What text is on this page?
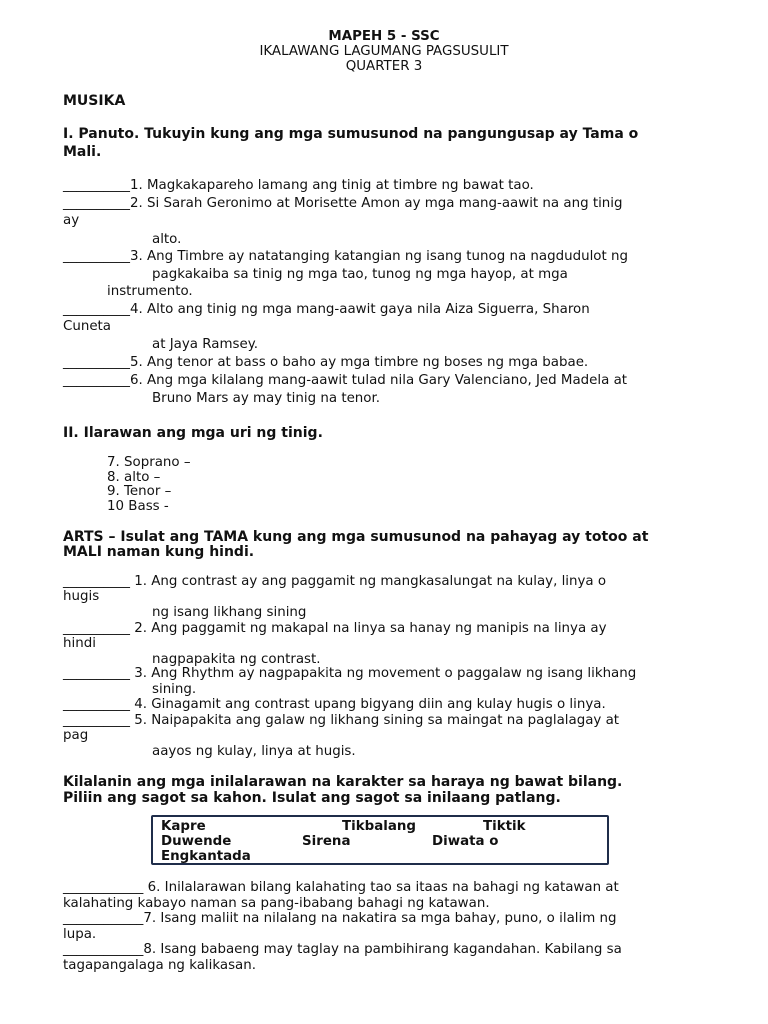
MAPEH 5 - SSC
IKALAWANG LAGUMANG PAGSUSULIT
QUARTER 3
MUSIKA
I. Panuto. Tukuyin kung ang mga sumusunod na pangungusap ay Tama o
Mali.
__________1. Magkakapareho lamang ang tinig at timbre ng bawat tao.
__________2. Si Sarah Geronimo at Morisette Amon ay mga mang-aawit na ang tinig
ay
alto.
__________3. Ang Timbre ay natatanging katangian ng isang tunog na nagdudulot ng
pagkakaiba sa tinig ng mga tao, tunog ng mga hayop, at mga
instrumento.
__________4. Alto ang tinig ng mga mang-aawit gaya nila Aiza Siguerra, Sharon
Cuneta
at Jaya Ramsey.
__________5. Ang tenor at bass o baho ay mga timbre ng boses ng mga babae.
__________6. Ang mga kilalang mang-aawit tulad nila Gary Valenciano, Jed Madela at
Bruno Mars ay may tinig na tenor.
II. Ilarawan ang mga uri ng tinig.
7. Soprano –
8. alto –
9. Tenor –
10 Bass -
ARTS – Isulat ang TAMA kung ang mga sumusunod na pahayag ay totoo at
MALI naman kung hindi.
__________ 1. Ang contrast ay ang paggamit ng mangkasalungat na kulay, linya o
hugis
ng isang likhang sining
__________ 2. Ang paggamit ng makapal na linya sa hanay ng manipis na linya ay
hindi
nagpapakita ng contrast.
__________ 3. Ang Rhythm ay nagpapakita ng movement o paggalaw ng isang likhang
sining.
__________ 4. Ginagamit ang contrast upang bigyang diin ang kulay hugis o linya.
__________ 5. Naipapakita ang galaw ng likhang sining sa maingat na paglalagay at
pag
aayos ng kulay, linya at hugis.
Kilalanin ang mga inilalarawan na karakter sa haraya ng bawat bilang.
Piliin ang sagot sa kahon. Isulat ang sagot sa inilaang patlang.
Kapre	Tikbalang	Tiktik
Duwende	Sirena	Diwata o
Engkantada
____________ 6. Inilalarawan bilang kalahating tao sa itaas na bahagi ng katawan at
kalahating kabayo naman sa pang-ibabang bahagi ng katawan.
____________7. Isang maliit na nilalang na nakatira sa mga bahay, puno, o ilalim ng
lupa.
____________8. Isang babaeng may taglay na pambihirang kagandahan. Kabilang sa
tagapangalaga ng kalikasan.
